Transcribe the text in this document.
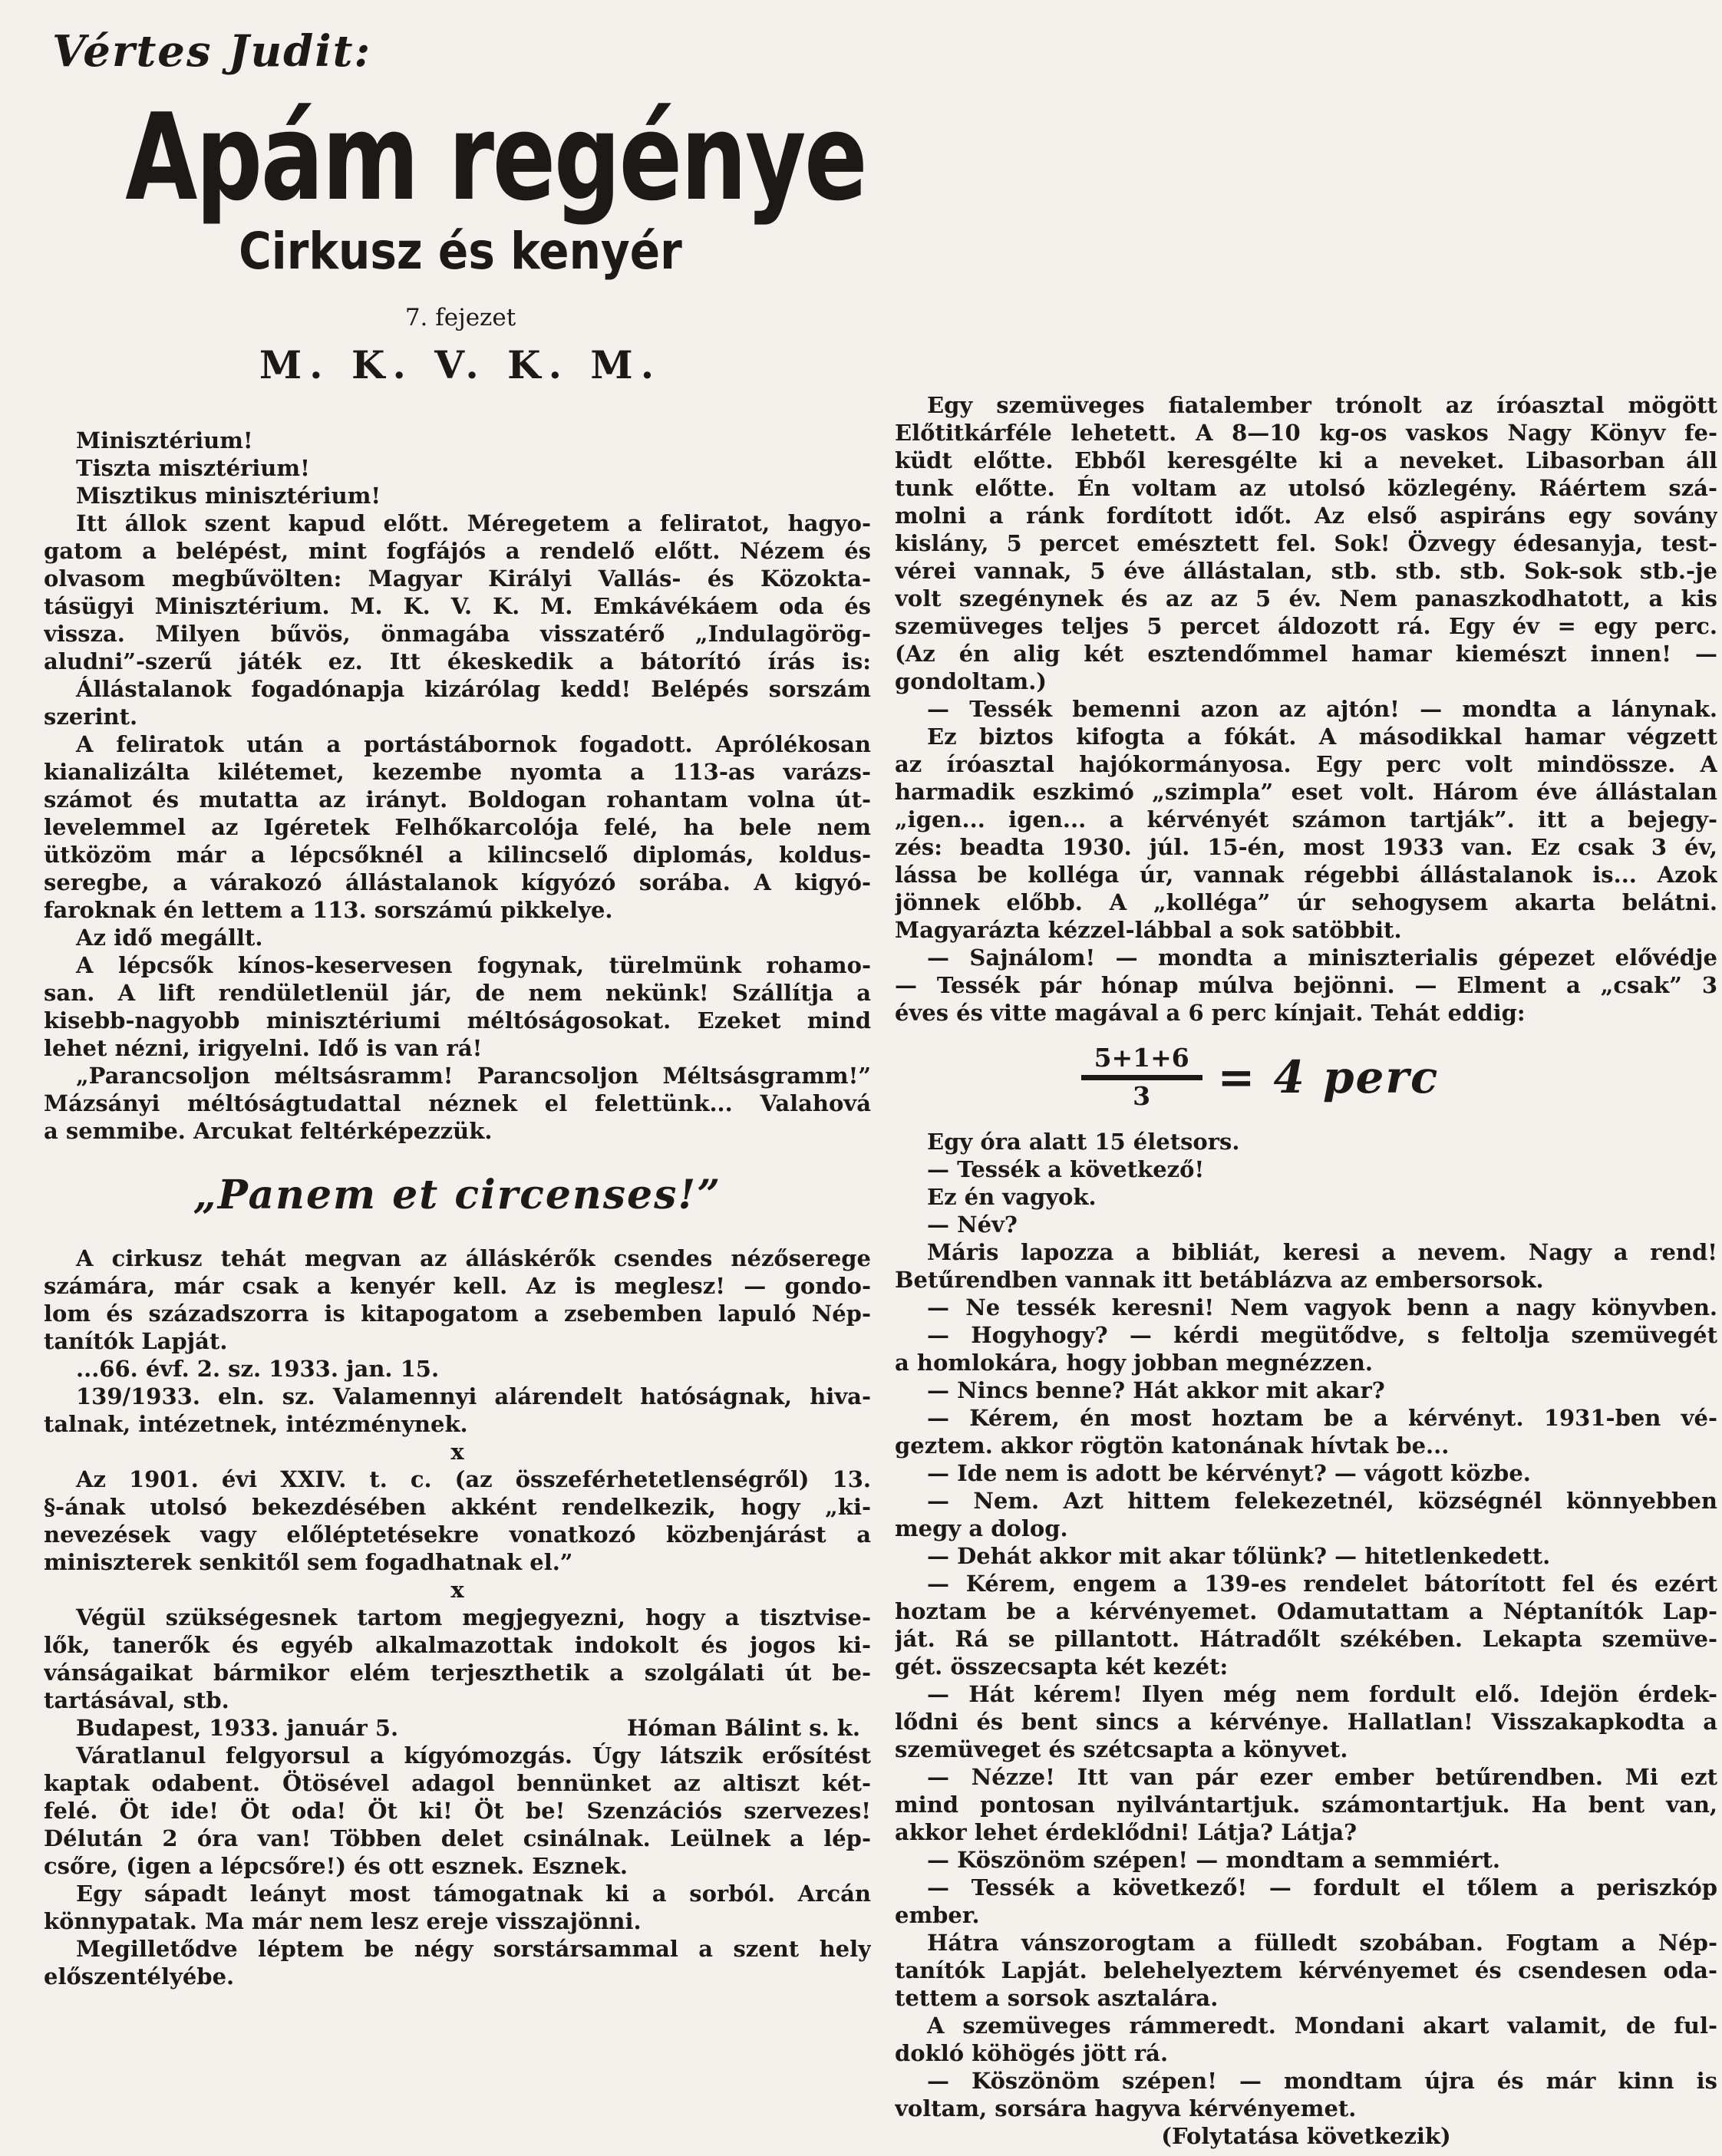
Vértes Judit:
Apám regénye
Cirkusz és kenyér
7. fejezet
M. K. V. K. M.
Minisztérium!
Tiszta misztérium!
Misztikus minisztérium!
Itt állok szent kapud előtt. Méregetem a feliratot, hagyo-
gatom a belépést, mint fogfájós a rendelő előtt. Nézem és
olvasom megbűvölten: Magyar Királyi Vallás- és Közokta-
tásügyi Minisztérium. M. K. V. K. M. Emkávékáem oda és
vissza. Milyen bűvös, önmagába visszatérő „Indulagörög-
aludni”-szerű játék ez. Itt ékeskedik a bátorító írás is:
Állástalanok fogadónapja kizárólag kedd! Belépés sorszám
szerint.
A feliratok után a portástábornok fogadott. Aprólékosan
kianalizálta kilétemet, kezembe nyomta a 113-as varázs-
számot és mutatta az irányt. Boldogan rohantam volna út-
levelemmel az Igéretek Felhőkarcolója felé, ha bele nem
ütközöm már a lépcsőknél a kilincselő diplomás, koldus-
seregbe, a várakozó állástalanok kígyózó sorába. A kigyó-
faroknak én lettem a 113. sorszámú pikkelye.
Az idő megállt.
A lépcsők kínos-keservesen fogynak, türelmünk rohamo-
san. A lift rendületlenül jár, de nem nekünk! Szállítja a
kisebb-nagyobb minisztériumi méltóságosokat. Ezeket mind
lehet nézni, irigyelni. Idő is van rá!
„Parancsoljon méltsásramm! Parancsoljon Méltsásgramm!”
Mázsányi méltóságtudattal néznek el felettünk... Valahová
a semmibe. Arcukat feltérképezzük.
„Panem et circenses!”
A cirkusz tehát megvan az álláskérők csendes nézőserege
számára, már csak a kenyér kell. Az is meglesz! — gondo-
lom és századszorra is kitapogatom a zsebemben lapuló Nép-
tanítók Lapját.
...66. évf. 2. sz. 1933. jan. 15.
139/1933. eln. sz. Valamennyi alárendelt hatóságnak, hiva-
talnak, intézetnek, intézménynek.
x
Az 1901. évi XXIV. t. c. (az összeférhetetlenségről) 13.
§-ának utolsó bekezdésében akként rendelkezik, hogy „ki-
nevezések vagy előléptetésekre vonatkozó közbenjárást a
miniszterek senkitől sem fogadhatnak el.”
x
Végül szükségesnek tartom megjegyezni, hogy a tisztvise-
lők, tanerők és egyéb alkalmazottak indokolt és jogos ki-
vánságaikat bármikor elém terjeszthetik a szolgálati út be-
tartásával, stb.
Budapest, 1933. január 5.	Hóman Bálint s. k.
Váratlanul felgyorsul a kígyómozgás. Úgy látszik erősítést
kaptak odabent. Ötösével adagol bennünket az altiszt két-
felé. Öt ide! Öt oda! Öt ki! Öt be! Szenzációs szervezes!
Délután 2 óra van! Többen delet csinálnak. Leülnek a lép-
csőre, (igen a lépcsőre!) és ott esznek. Esznek.
Egy sápadt leányt most támogatnak ki a sorból. Arcán
könnypatak. Ma már nem lesz ereje visszajönni.
Megilletődve léptem be négy sorstársammal a szent hely
előszentélyébe.
Egy szemüveges fiatalember trónolt az íróasztal mögött
Előtitkárféle lehetett. A 8—10 kg-os vaskos Nagy Könyv fe-
küdt előtte. Ebből keresgélte ki a neveket. Libasorban áll
tunk előtte. Én voltam az utolsó közlegény. Ráértem szá-
molni a ránk fordított időt. Az első aspiráns egy sovány
kislány, 5 percet emésztett fel. Sok! Özvegy édesanyja, test-
vérei vannak, 5 éve állástalan, stb. stb. stb. Sok-sok stb.-je
volt szegénynek és az az 5 év. Nem panaszkodhatott, a kis
szemüveges teljes 5 percet áldozott rá. Egy év = egy perc.
(Az én alig két esztendőmmel hamar kiemészt innen! —
gondoltam.)
— Tessék bemenni azon az ajtón! — mondta a lánynak.
Ez biztos kifogta a fókát. A másodikkal hamar végzett
az íróasztal hajókormányosa. Egy perc volt mindössze. A
harmadik eszkimó „szimpla” eset volt. Három éve állástalan
„igen... igen... a kérvényét számon tartják”. itt a bejegy-
zés: beadta 1930. júl. 15-én, most 1933 van. Ez csak 3 év,
lássa be kolléga úr, vannak régebbi állástalanok is... Azok
jönnek előbb. A „kolléga” úr sehogysem akarta belátni.
Magyarázta kézzel-lábbal a sok satöbbit.
— Sajnálom! — mondta a miniszterialis gépezet elővédje
— Tessék pár hónap múlva bejönni. — Elment a „csak” 3
éves és vitte magával a 6 perc kínjait. Tehát eddig:
5+1+6
3 = 4 perc
Egy óra alatt 15 életsors.
— Tessék a következő!
Ez én vagyok.
— Név?
Máris lapozza a bibliát, keresi a nevem. Nagy a rend!
Betűrendben vannak itt betáblázva az embersorsok.
— Ne tessék keresni! Nem vagyok benn a nagy könyvben.
— Hogyhogy? — kérdi megütődve, s feltolja szemüvegét
a homlokára, hogy jobban megnézzen.
— Nincs benne? Hát akkor mit akar?
— Kérem, én most hoztam be a kérvényt. 1931-ben vé-
geztem. akkor rögtön katonának hívtak be...
— Ide nem is adott be kérvényt? — vágott közbe.
— Nem. Azt hittem felekezetnél, községnél könnyebben
megy a dolog.
— Dehát akkor mit akar tőlünk? — hitetlenkedett.
— Kérem, engem a 139-es rendelet bátorított fel és ezért
hoztam be a kérvényemet. Odamutattam a Néptanítók Lap-
ját. Rá se pillantott. Hátradőlt székében. Lekapta szemüve-
gét. összecsapta két kezét:
— Hát kérem! Ilyen még nem fordult elő. Idejön érdek-
lődni és bent sincs a kérvénye. Hallatlan! Visszakapkodta a
szemüveget és szétcsapta a könyvet.
— Nézze! Itt van pár ezer ember betűrendben. Mi ezt
mind pontosan nyilvántartjuk. számontartjuk. Ha bent van,
akkor lehet érdeklődni! Látja? Látja?
— Köszönöm szépen! — mondtam a semmiért.
— Tessék a következő! — fordult el tőlem a periszkóp
ember.
Hátra vánszorogtam a fülledt szobában. Fogtam a Nép-
tanítók Lapját. belehelyeztem kérvényemet és csendesen oda-
tettem a sorsok asztalára.
A szemüveges rámmeredt. Mondani akart valamit, de ful-
dokló köhögés jött rá.
— Köszönöm szépen! — mondtam újra és már kinn is
voltam, sorsára hagyva kérvényemet.
(Folytatása következik)
